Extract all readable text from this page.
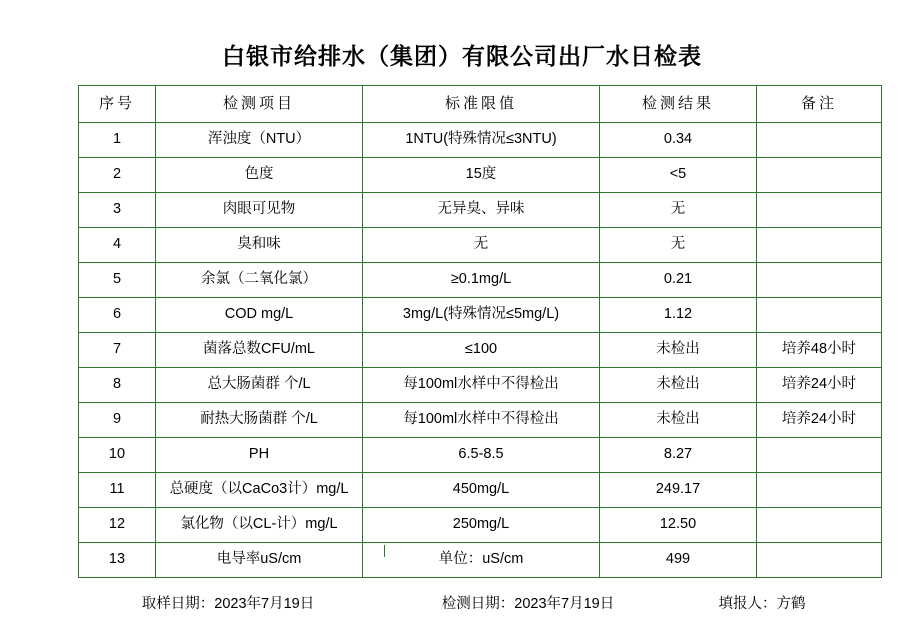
白银市给排水（集团）有限公司出厂水日检表
序号	检测项目	标准限值	检测结果	备注
1	浑浊度（NTU）	1NTU(特殊情况≤3NTU)	0.34	
2	色度	15度	<5	
3	肉眼可见物	无异臭、异味	无	
4	臭和味	无	无	
5	余氯（二氧化氯）	≥0.1mg/L	0.21	
6	COD mg/L	3mg/L(特殊情况≤5mg/L)	1.12	
7	菌落总数CFU/mL	≤100	未检出	培养48小时
8	总大肠菌群 个/L	每100ml水样中不得检出	未检出	培养24小时
9	耐热大肠菌群 个/L	每100ml水样中不得检出	未检出	培养24小时
10	PH	6.5-8.5	8.27	
11	总硬度（以CaCo3计）mg/L	450mg/L	249.17	
12	氯化物（以CL-计）mg/L	250mg/L	12.50	
13	电导率uS/cm	单位：uS/cm	499	
取样日期：2023年7月19日	检测日期：2023年7月19日	填报人：方鹤
